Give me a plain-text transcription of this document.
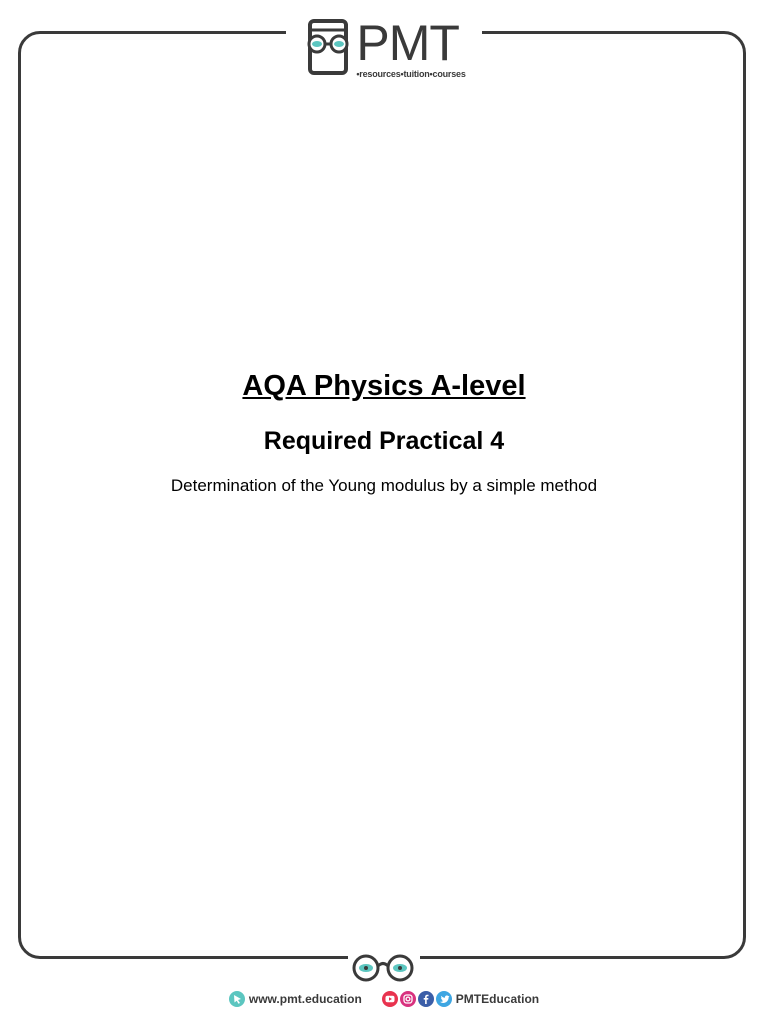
PMT
•resources•tuition•courses
AQA Physics A-level
Required Practical 4

Determination of the Young modulus by a simple method

www.pmt.education	PMTEducation
